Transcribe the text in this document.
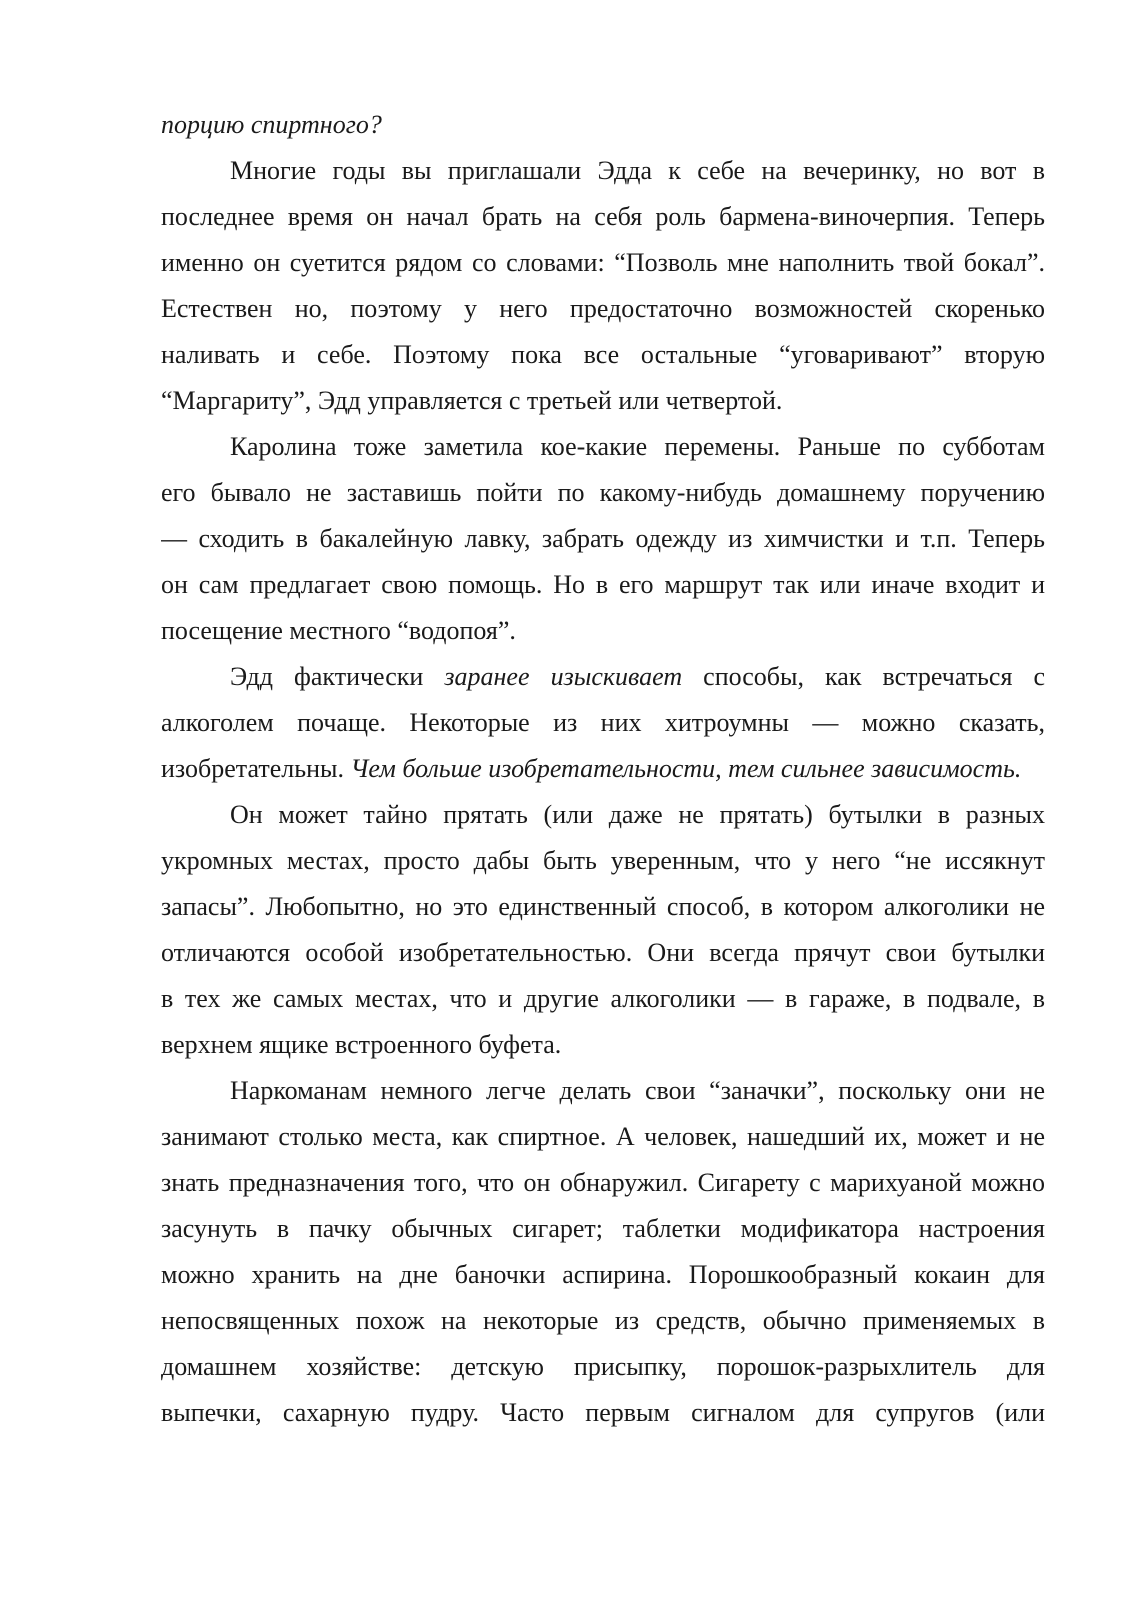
порцию спиртного?
Многие годы вы приглашали Эдда к себе на вечеринку, но вот в
последнее время он начал брать на себя роль бармена-виночерпия. Теперь
именно он суетится рядом со словами: “Позволь мне наполнить твой бокал”.
Естествен но, поэтому у него предостаточно возможностей скоренько
наливать и себе. Поэтому пока все остальные “уговаривают” вторую
“Маргариту”, Эдд управляется с третьей или четвертой.
Каролина тоже заметила кое-какие перемены. Раньше по субботам
его бывало не заставишь пойти по какому-нибудь домашнему поручению
— сходить в бакалейную лавку, забрать одежду из химчистки и т.п. Теперь
он сам предлагает свою помощь. Но в его маршрут так или иначе входит и
посещение местного “водопоя”.
Эдд фактически заранее изыскивает способы, как встречаться с
алкоголем почаще. Некоторые из них хитроумны — можно сказать,
изобретательны. Чем больше изобретательности, тем сильнее зависимость.
Он может тайно прятать (или даже не прятать) бутылки в разных
укромных местах, просто дабы быть уверенным, что у него “не иссякнут
запасы”. Любопытно, но это единственный способ, в котором алкоголики не
отличаются особой изобретательностью. Они всегда прячут свои бутылки
в тех же самых местах, что и другие алкоголики — в гараже, в подвале, в
верхнем ящике встроенного буфета.
Наркоманам немного легче делать свои “заначки”, поскольку они не
занимают столько места, как спиртное. А человек, нашедший их, может и не
знать предназначения того, что он обнаружил. Сигарету с марихуаной можно
засунуть в пачку обычных сигарет; таблетки модификатора настроения
можно хранить на дне баночки аспирина. Порошкообразный кокаин для
непосвященных похож на некоторые из средств, обычно применяемых в
домашнем хозяйстве: детскую присыпку, порошок-разрыхлитель для
выпечки, сахарную пудру. Часто первым сигналом для супругов (или
